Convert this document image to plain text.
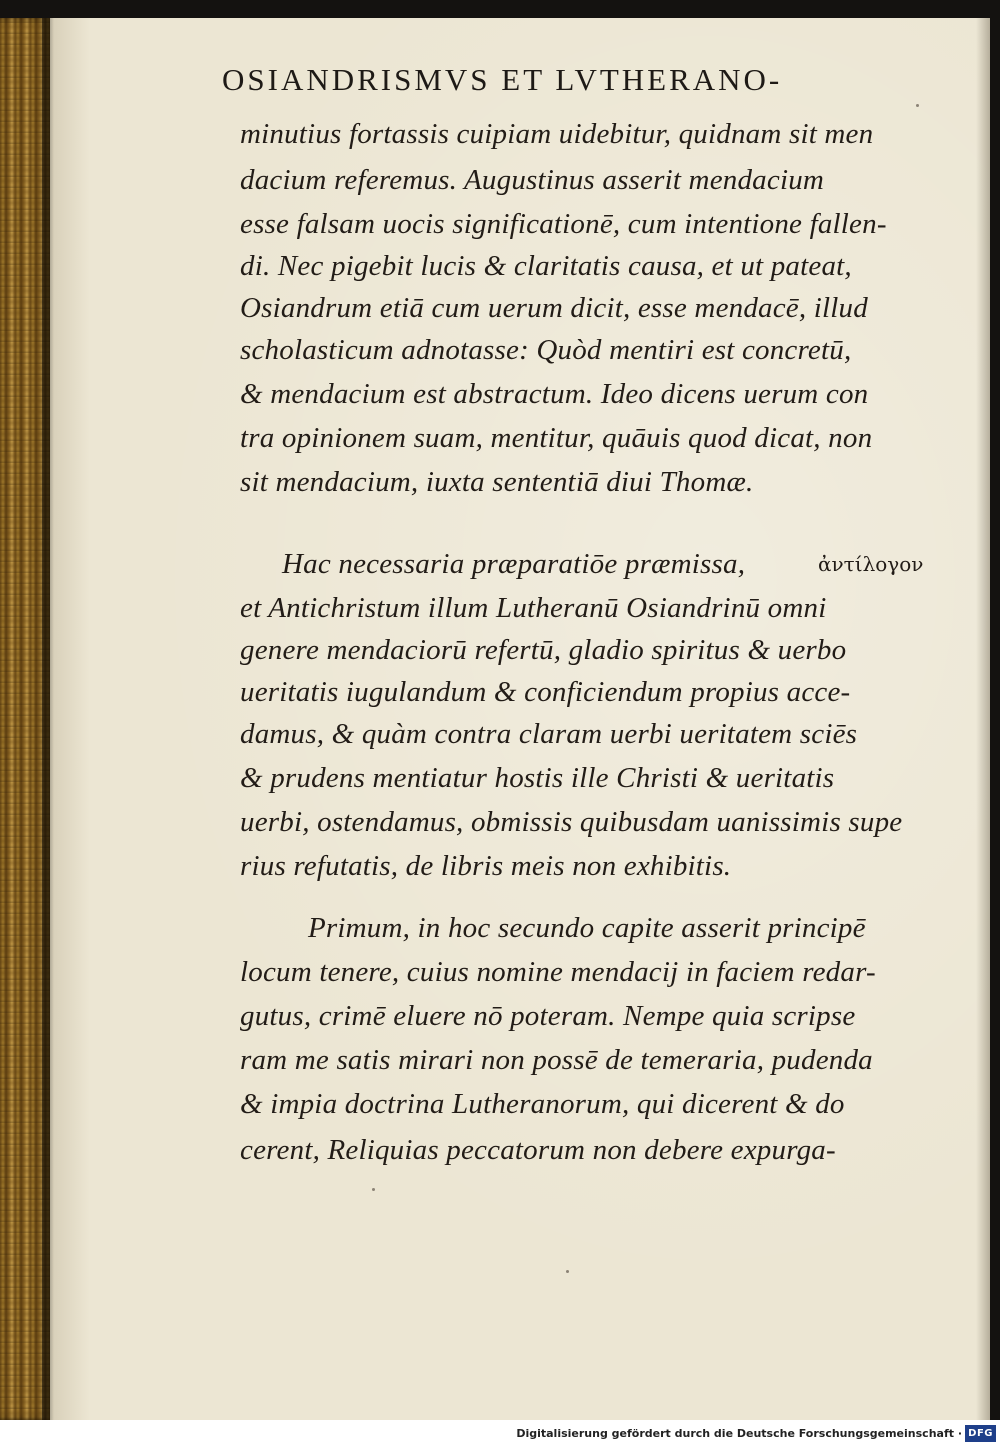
OSIANDRISMVS ET LVTHERANO-
minutius fortassis cuipiam uidebitur, quidnam sit men
dacium referemus. Augustinus asserit mendacium
esse falsam uocis significationē, cum intentione fallen-
di. Nec pigebit lucis & claritatis causa, et ut pateat,
Osiandrum etiā cum uerum dicit, esse mendacē, illud
scholasticum adnotasse: Quòd mentiri est concretū,
& mendacium est abstractum. Ideo dicens uerum con
tra opinionem suam, mentitur, quāuis quod dicat, non
sit mendacium, iuxta sententiā diui Thomæ.
Hac necessaria præparatiōe præmissa,	ἀντίλογον
et Antichristum illum Lutheranū Osiandrinū omni
genere mendaciorū refertū, gladio spiritus & uerbo
ueritatis iugulandum & conficiendum propius acce-
damus, & quàm contra claram uerbi ueritatem sciēs
& prudens mentiatur hostis ille Christi & ueritatis
uerbi, ostendamus, obmissis quibusdam uanissimis supe
rius refutatis, de libris meis non exhibitis.
Primum, in hoc secundo capite asserit principē
locum tenere, cuius nomine mendacij in faciem redar-
gutus, crimē eluere nō poteram. Nempe quia scripse
ram me satis mirari non possē de temeraria, pudenda
& impia doctrina Lutheranorum, qui dicerent & do
cerent, Reliquias peccatorum non debere expurga-
Digitalisierung gefördert durch die Deutsche Forschungsgemeinschaft · DFG
